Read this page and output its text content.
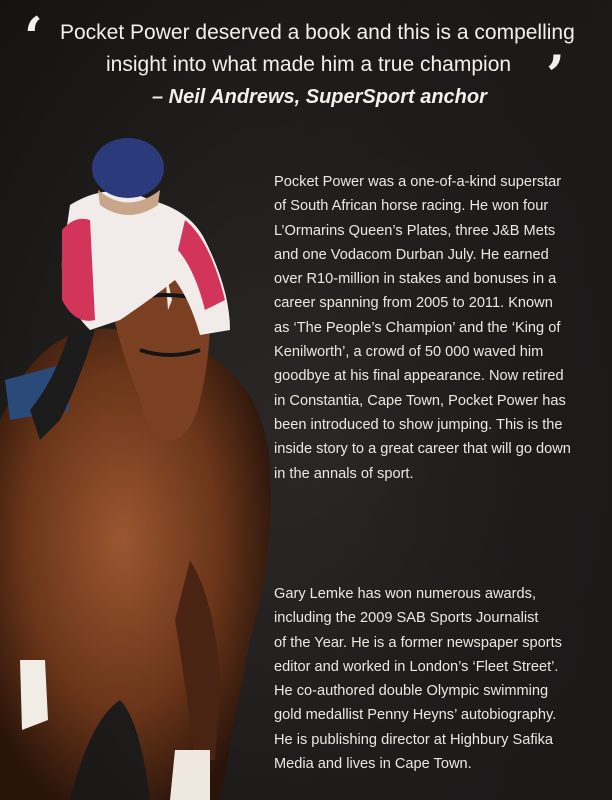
‘ Pocket Power deserved a book and this is a compelling
insight into what made him a true champion ’
– Neil Andrews, SuperSport anchor
Pocket Power was a one-of-a-kind superstar
of South African horse racing. He won four
L’Ormarins Queen’s Plates, three J&B Mets
and one Vodacom Durban July. He earned
over R10-million in stakes and bonuses in a
career spanning from 2005 to 2011. Known
as ‘The People’s Champion’ and the ‘King of
Kenilworth’, a crowd of 50 000 waved him
goodbye at his final appearance. Now retired
in Constantia, Cape Town, Pocket Power has
been introduced to show jumping. This is the
inside story to a great career that will go down
in the annals of sport.
Gary Lemke has won numerous awards,
including the 2009 SAB Sports Journalist
of the Year. He is a former newspaper sports
editor and worked in London’s ‘Fleet Street’.
He co-authored double Olympic swimming
gold medallist Penny Heyns’ autobiography.
He is publishing director at Highbury Safika
Media and lives in Cape Town.
